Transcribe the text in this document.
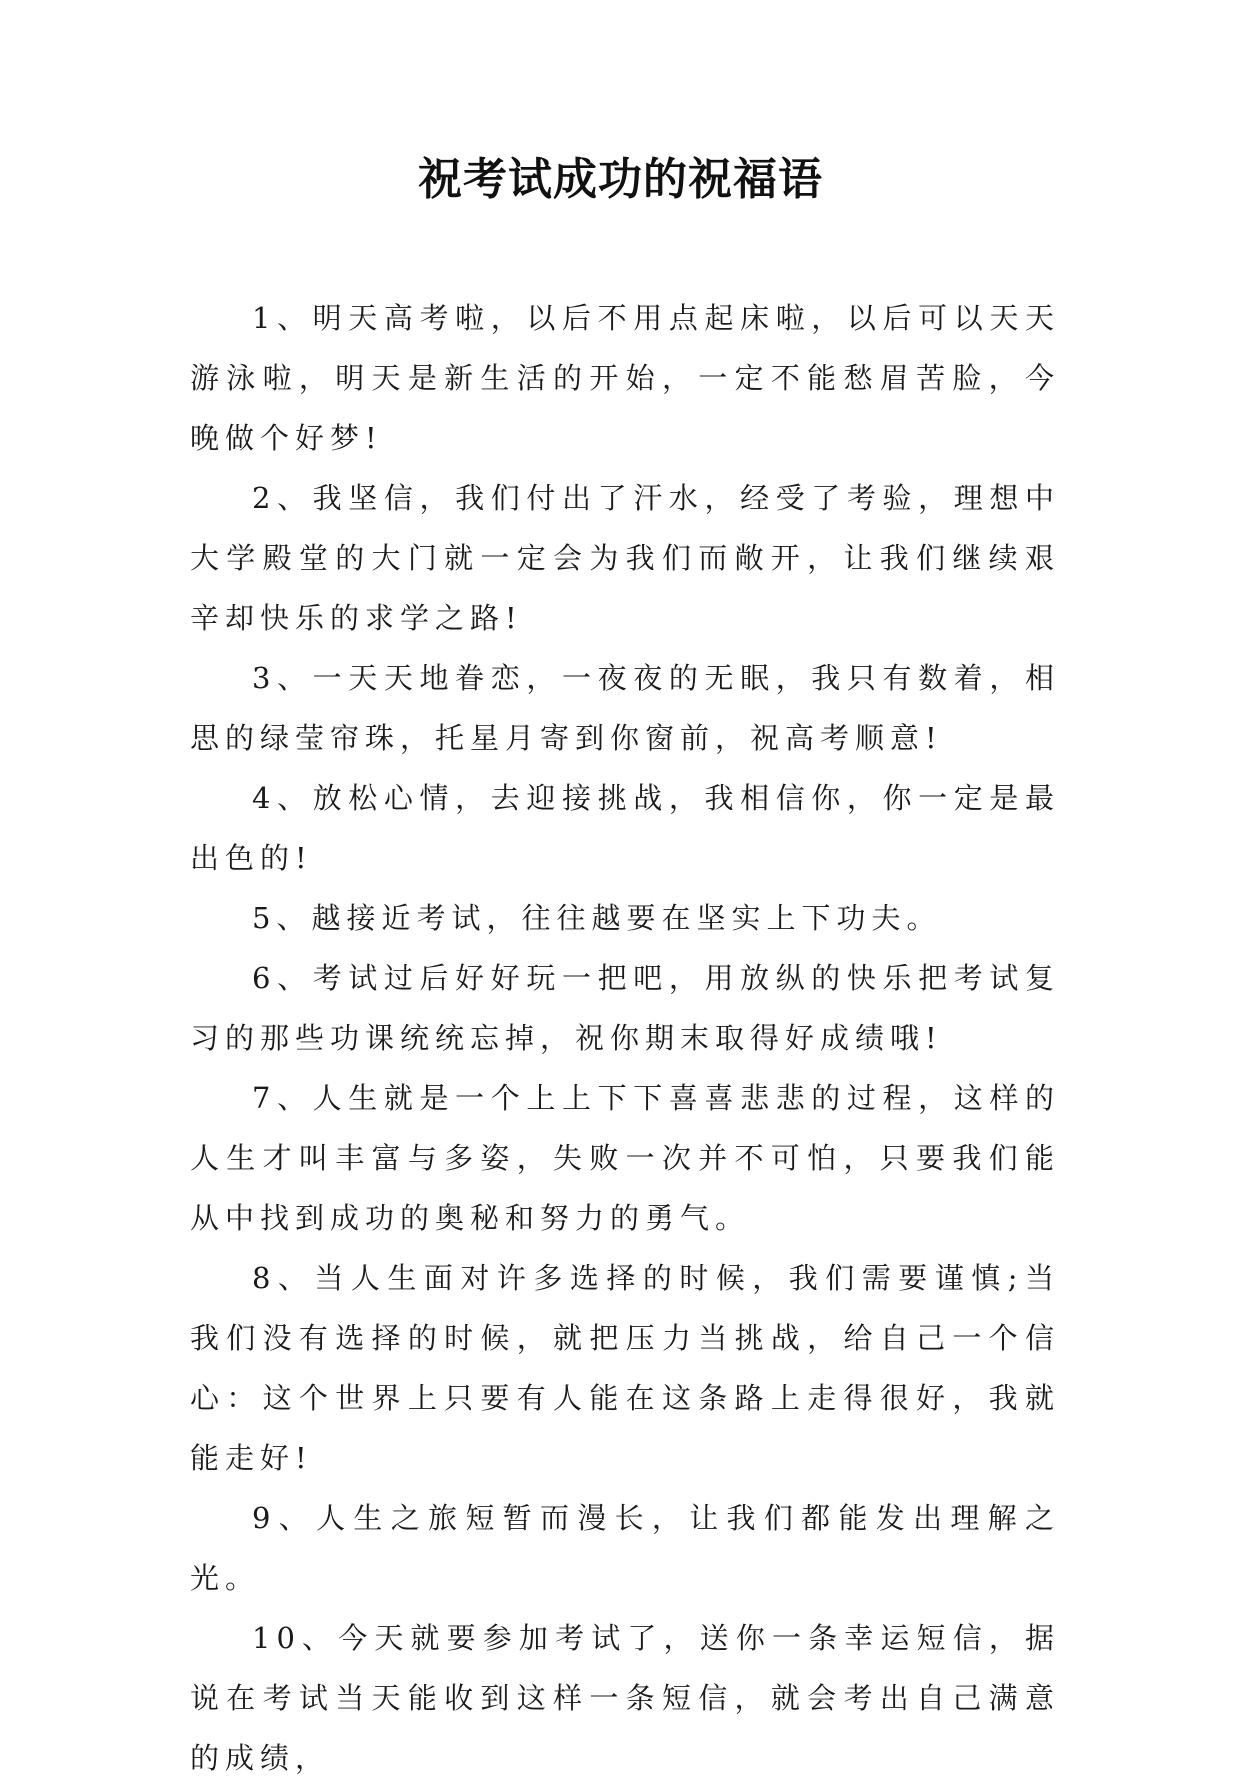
祝考试成功的祝福语

1、明天高考啦，以后不用点起床啦，以后可以天天游泳啦，明天是新生活的开始，一定不能愁眉苦脸，今晚做个好梦!

2、我坚信，我们付出了汗水，经受了考验，理想中大学殿堂的大门就一定会为我们而敞开，让我们继续艰辛却快乐的求学之路!

3、一天天地眷恋，一夜夜的无眠，我只有数着，相思的绿莹帘珠，托星月寄到你窗前，祝高考顺意!

4、放松心情，去迎接挑战，我相信你，你一定是最出色的!

5、越接近考试，往往越要在坚实上下功夫。

6、考试过后好好玩一把吧，用放纵的快乐把考试复习的那些功课统统忘掉，祝你期末取得好成绩哦!

7、人生就是一个上上下下喜喜悲悲的过程，这样的人生才叫丰富与多姿，失败一次并不可怕，只要我们能从中找到成功的奥秘和努力的勇气。

8、当人生面对许多选择的时候，我们需要谨慎;当我们没有选择的时候，就把压力当挑战，给自己一个信心：这个世界上只要有人能在这条路上走得很好，我就能走好!

9、人生之旅短暂而漫长，让我们都能发出理解之光。

10、今天就要参加考试了，送你一条幸运短信，据说在考试当天能收到这样一条短信，就会考出自己满意的成绩，
